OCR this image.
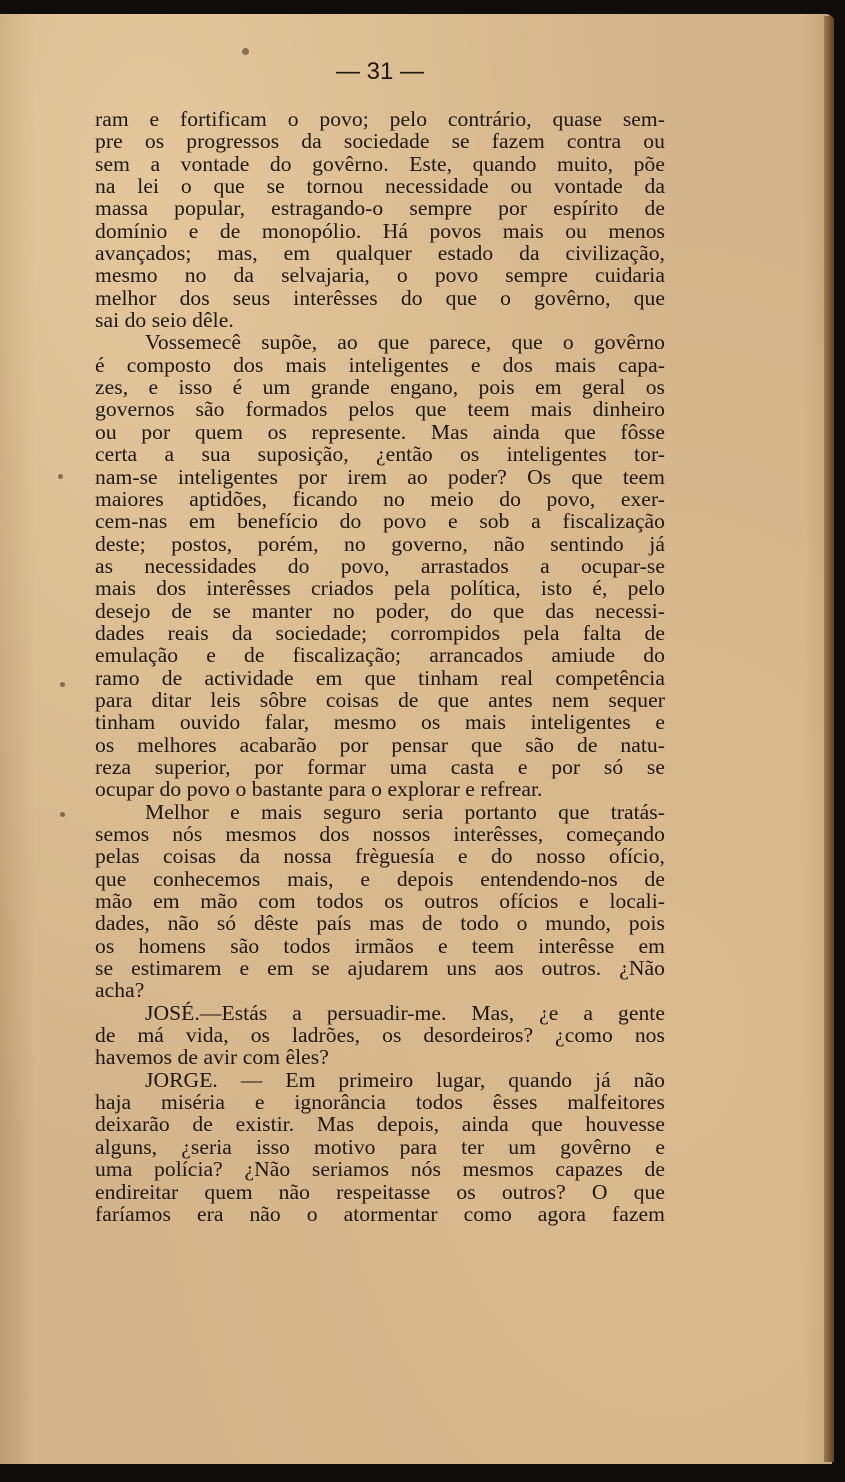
— 31 —
ram e fortificam o povo; pelo contrário, quase sem-
pre os progressos da sociedade se fazem contra ou
sem a vontade do govêrno. Este, quando muito, põe
na lei o que se tornou necessidade ou vontade da
massa popular, estragando-o sempre por espírito de
domínio e de monopólio. Há povos mais ou menos
avançados; mas, em qualquer estado da civilização,
mesmo no da selvajaria, o povo sempre cuidaria
melhor dos seus interêsses do que o govêrno, que
sai do seio dêle.
Vossemecê supõe, ao que parece, que o govêrno
é composto dos mais inteligentes e dos mais capa-
zes, e isso é um grande engano, pois em geral os
governos são formados pelos que teem mais dinheiro
ou por quem os represente. Mas ainda que fôsse
certa a sua suposição, ¿então os inteligentes tor-
nam-se inteligentes por irem ao poder? Os que teem
maiores aptidões, ficando no meio do povo, exer-
cem-nas em benefício do povo e sob a fiscalização
deste; postos, porém, no governo, não sentindo já
as necessidades do povo, arrastados a ocupar-se
mais dos interêsses criados pela política, isto é, pelo
desejo de se manter no poder, do que das necessi-
dades reais da sociedade; corrompidos pela falta de
emulação e de fiscalização; arrancados amiude do
ramo de actividade em que tinham real competência
para ditar leis sôbre coisas de que antes nem sequer
tinham ouvido falar, mesmo os mais inteligentes e
os melhores acabarão por pensar que são de natu-
reza superior, por formar uma casta e por só se
ocupar do povo o bastante para o explorar e refrear.
Melhor e mais seguro seria portanto que tratás-
semos nós mesmos dos nossos interêsses, começando
pelas coisas da nossa frèguesía e do nosso ofício,
que conhecemos mais, e depois entendendo-nos de
mão em mão com todos os outros ofícios e locali-
dades, não só dêste país mas de todo o mundo, pois
os homens são todos irmãos e teem interêsse em
se estimarem e em se ajudarem uns aos outros. ¿Não
acha?
JOSÉ.—Estás a persuadir-me. Mas, ¿e a gente
de má vida, os ladrões, os desordeiros? ¿como nos
havemos de avir com êles?
JORGE. — Em primeiro lugar, quando já não
haja miséria e ignorância todos êsses malfeitores
deixarão de existir. Mas depois, ainda que houvesse
alguns, ¿seria isso motivo para ter um govêrno e
uma polícia? ¿Não seriamos nós mesmos capazes de
endireitar quem não respeitasse os outros? O que
faríamos era não o atormentar como agora fazem
